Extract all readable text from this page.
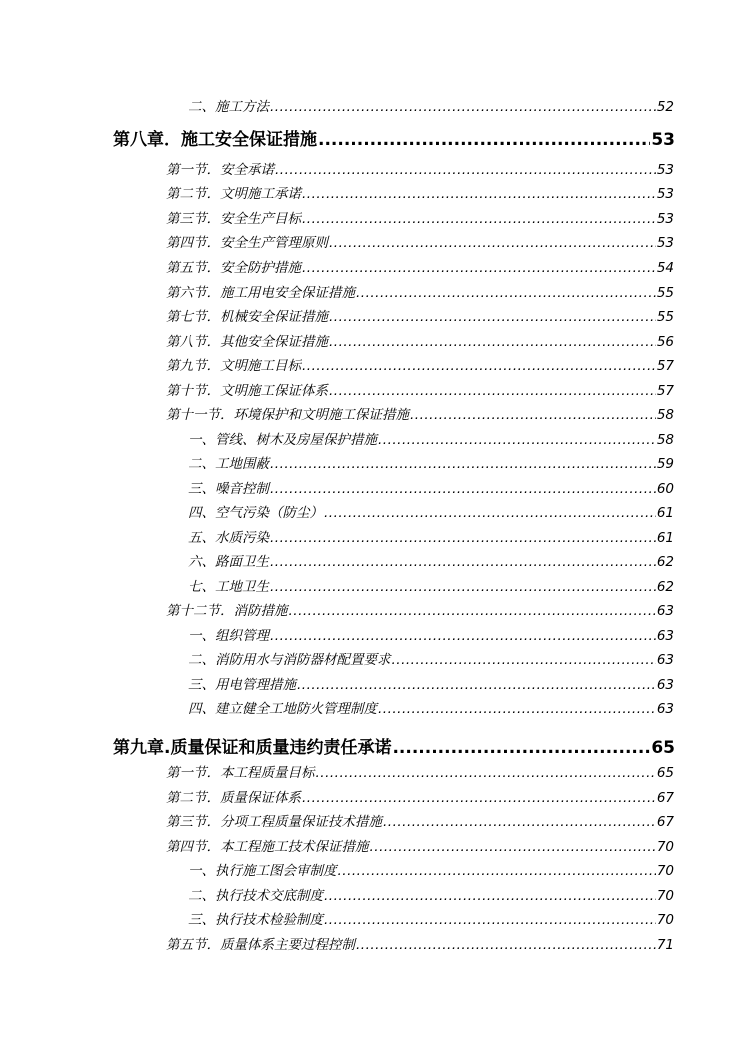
二、施工方法 .....	52
第八章．施工安全保证措施 .....	53
第一节．安全承诺 .....	53
第二节．文明施工承诺 .....	53
第三节．安全生产目标 .....	53
第四节．安全生产管理原则 .....	53
第五节．安全防护措施 .....	54
第六节．施工用电安全保证措施 .....	55
第七节．机械安全保证措施 .....	55
第八节．其他安全保证措施 .....	56
第九节．文明施工目标 .....	57
第十节．文明施工保证体系 .....	57
第十一节．环境保护和文明施工保证措施 .....	58
一、管线、树木及房屋保护措施 .....	58
二、工地围蔽 .....	59
三、噪音控制 .....	60
四、空气污染（防尘） .....	61
五、水质污染 .....	61
六、路面卫生 .....	62
七、工地卫生 .....	62
第十二节．消防措施 .....	63
一、组织管理 .....	63
二、消防用水与消防器材配置要求 .....	63
三、用电管理措施 .....	63
四、建立健全工地防火管理制度 .....	63
第九章.质量保证和质量违约责任承诺 .....	65
第一节．本工程质量目标 .....	65
第二节．质量保证体系 .....	67
第三节．分项工程质量保证技术措施 .....	67
第四节．本工程施工技术保证措施 .....	70
一、执行施工图会审制度 .....	70
二、执行技术交底制度 .....	70
三、执行技术检验制度 .....	70
第五节．质量体系主要过程控制 .....	71
